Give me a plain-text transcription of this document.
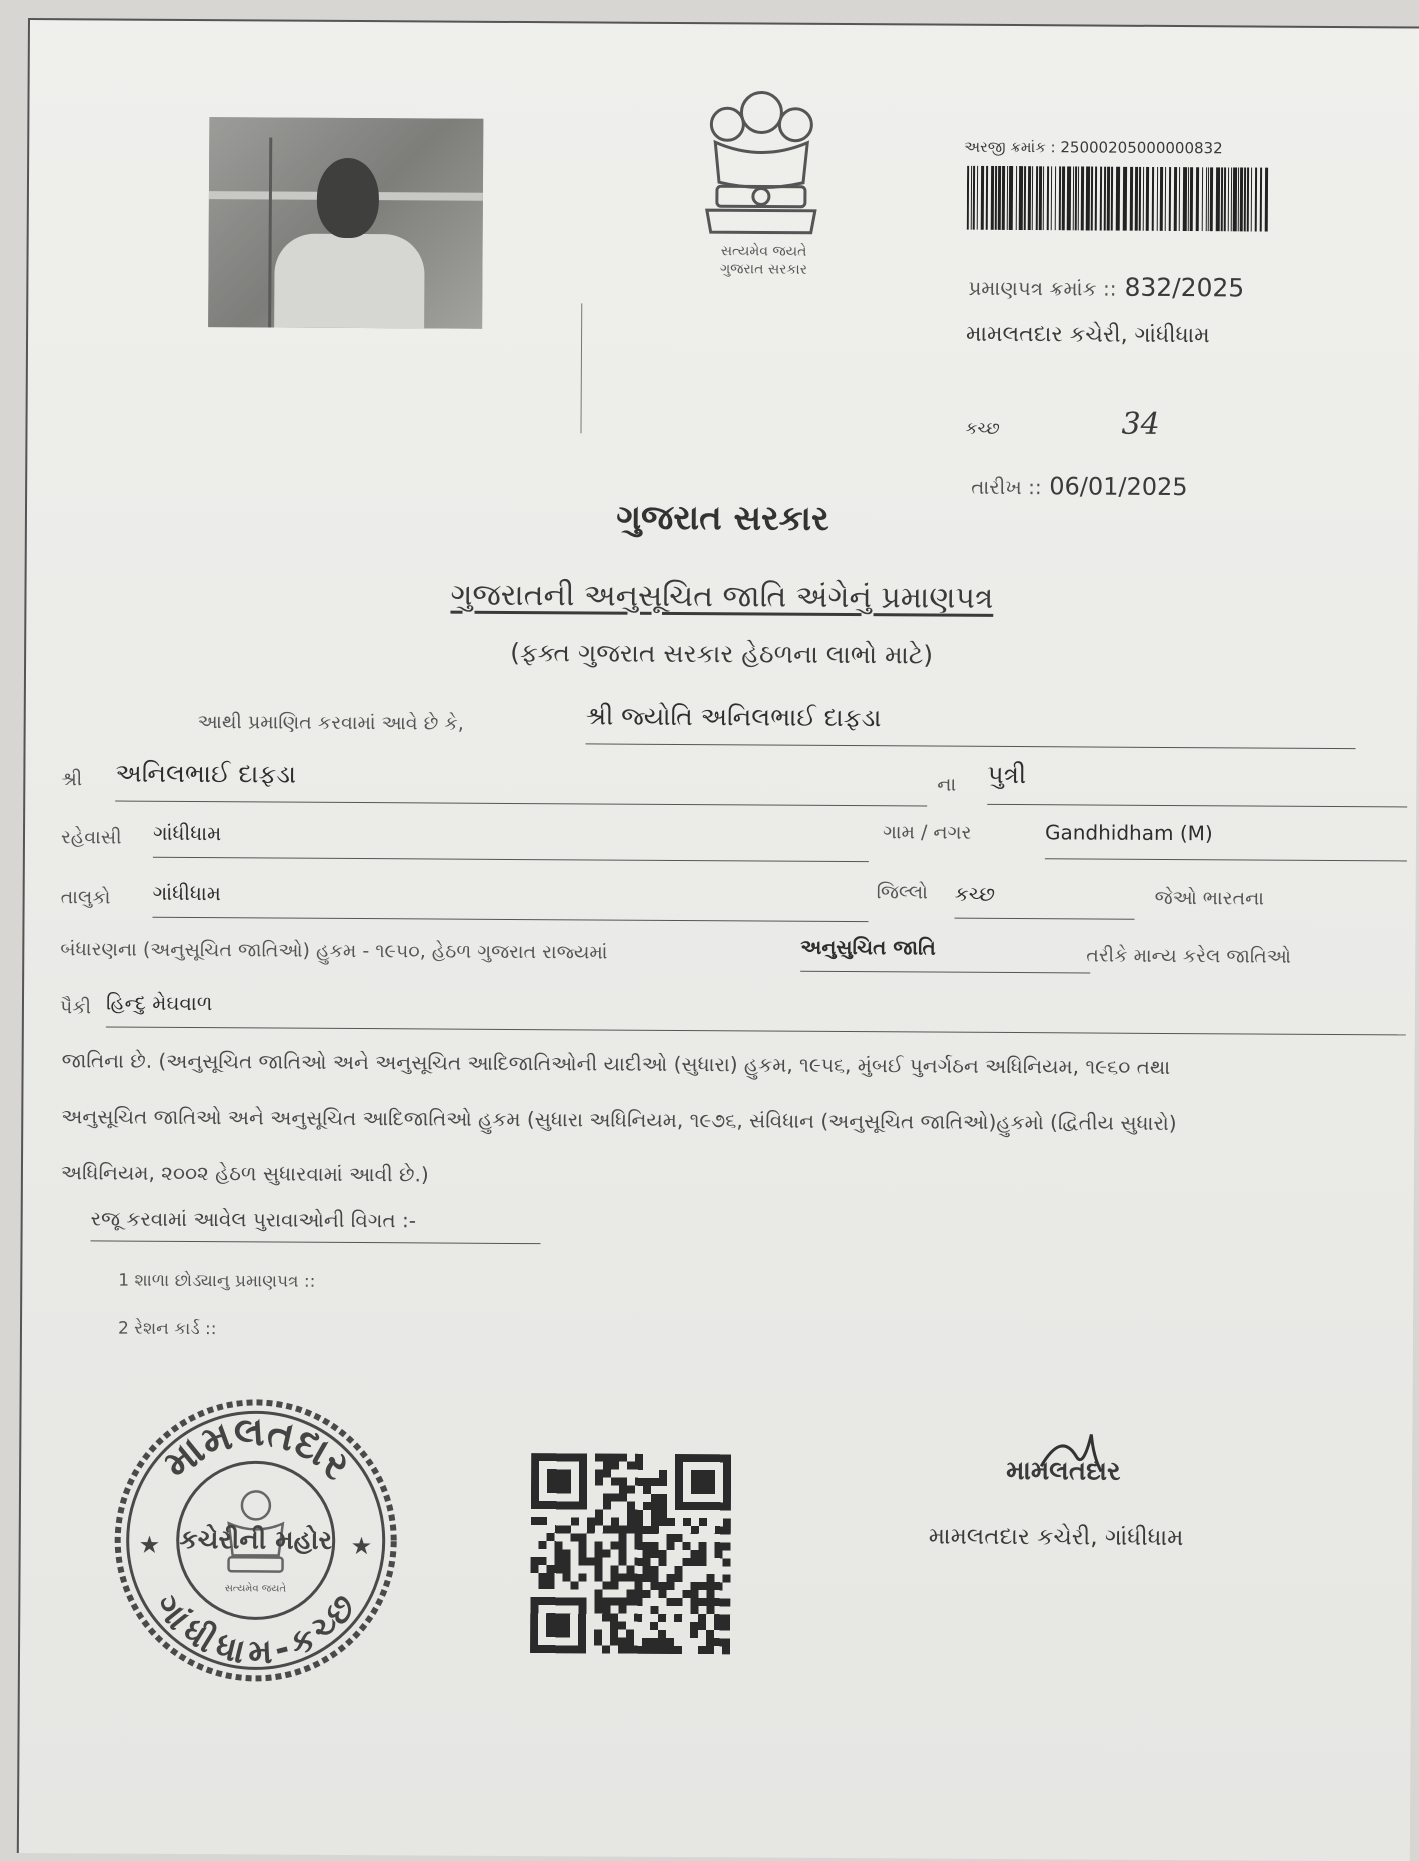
સત્યમેવ જયતે
ગુજરાત સરકાર
અરજી ક્રમાંક : 25000205000000832
પ્રમાણપત્ર ક્રમાંક :: 832/2025
મામલતદાર કચેરી, ગાંધીધામ
કચ્છ	34
તારીખ :: 06/01/2025
ગુજરાત સરકાર
ગુજરાતની અનુસૂચિત જાતિ અંગેનું પ્રમાણપત્ર
(ફક્ત ગુજરાત સરકાર હેઠળના લાભો માટે)
આથી પ્રમાણિત કરવામાં આવે છે કે,	શ્રી જ્યોતિ અનિલભાઈ દાફડા
શ્રી અનિલભાઈ દાફડા	ના પુત્રી
રહેવાસી ગાંધીધામ	ગામ / નગર	Gandhidham (M)
તાલુકો ગાંધીધામ	જિલ્લો કચ્છ	જેઓ ભારતના
બંધારણના (અનુસૂચિત જાતિઓ) હુકમ - ૧૯૫૦, હેઠળ ગુજરાત રાજ્યમાં	અનુસુચિત જાતિ	તરીકે માન્ય કરેલ જાતિઓ
પૈકી હિન્દુ મેઘવાળ
જાતિના છે. (અનુસૂચિત જાતિઓ અને અનુસૂચિત આદિજાતિઓની યાદીઓ (સુધારા) હુકમ, ૧૯૫૬, મુંબઈ પુનર્ગઠન અધિનિયમ, ૧૯૬૦ તથા
અનુસૂચિત જાતિઓ અને અનુસૂચિત આદિજાતિઓ હુકમ (સુધારા અધિનિયમ, ૧૯૭૬, સંવિધાન (અનુસૂચિત જાતિઓ)હુકમો (દ્વિતીય સુધારો)
અધિનિયમ, ૨૦૦૨ હેઠળ સુધારવામાં આવી છે.)
રજૂ કરવામાં આવેલ પુરાવાઓની વિગત :-
1 શાળા છોડ્યાનુ પ્રમાણપત્ર ::
2 રેશન કાર્ડ ::
મામલતદાર
ગાંધીધામ-કચ્છ
★	★
કચેરીની મહોર
સત્યમેવ જયતે
મામલતદાર
મામલતદાર કચેરી, ગાંધીધામ
